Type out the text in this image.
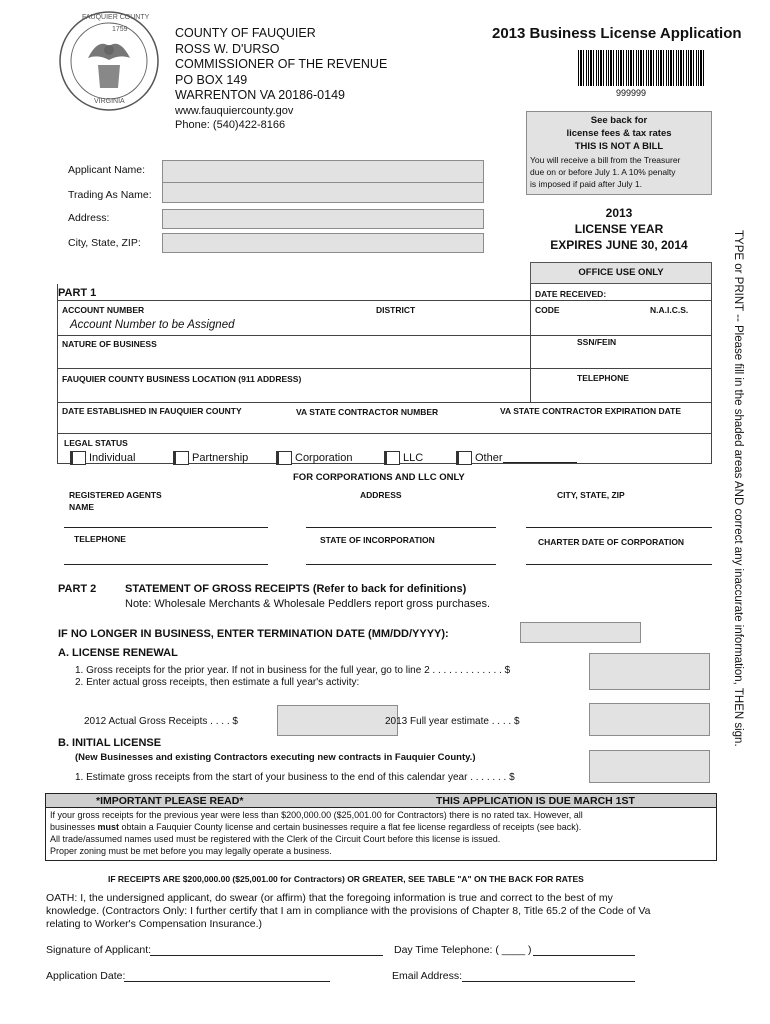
FAUQUIER COUNTY
1759
VIRGINIA
COUNTY OF FAUQUIER
ROSS W. D'URSO
COMMISSIONER OF THE REVENUE
PO BOX 149
WARRENTON VA 20186-0149
www.fauquiercounty.gov
Phone: (540)422-8166
2013 Business License Application
999999
See back for
license fees & tax rates
THIS IS NOT A BILL
You will receive a bill from the Treasurer
due on or before July 1. A 10% penalty
is imposed if paid after July 1.
2013
LICENSE YEAR
EXPIRES JUNE 30, 2014
Applicant Name:
Trading As Name:
Address:
City, State, ZIP:
OFFICE USE ONLY
PART 1	DATE RECEIVED:
ACCOUNT NUMBER	DISTRICT	CODE	N.A.I.C.S.
Account Number to be Assigned
NATURE OF BUSINESS	SSN/FEIN
FAUQUIER COUNTY BUSINESS LOCATION (911 ADDRESS)	TELEPHONE
DATE ESTABLISHED IN FAUQUIER COUNTY	VA STATE CONTRACTOR NUMBER	VA STATE CONTRACTOR EXPIRATION DATE
LEGAL STATUS
Individual	Partnership	Corporation	LLC	Other
FOR CORPORATIONS AND LLC ONLY
REGISTERED AGENTS
NAME
ADDRESS	CITY, STATE, ZIP
TELEPHONE	STATE OF INCORPORATION	CHARTER DATE OF CORPORATION
PART 2	STATEMENT OF GROSS RECEIPTS (Refer to back for definitions)
Note: Wholesale Merchants & Wholesale Peddlers report gross purchases.
IF NO LONGER IN BUSINESS, ENTER TERMINATION DATE (MM/DD/YYYY):
A. LICENSE RENEWAL
1. Gross receipts for the prior year. If not in business for the full year, go to line 2 . . . . . . . . . . . . . $
2. Enter actual gross receipts, then estimate a full year's activity:
2012 Actual Gross Receipts . . . . $	2013 Full year estimate . . . . $
B. INITIAL LICENSE
(New Businesses and existing Contractors executing new contracts in Fauquier County.)
1. Estimate gross receipts from the start of your business to the end of this calendar year . . . . . . . $
*IMPORTANT PLEASE READ*	THIS APPLICATION IS DUE MARCH 1ST
If your gross receipts for the previous year were less than $200,000.00 ($25,001.00 for Contractors) there is no rated tax. However, all
businesses must obtain a Fauquier County license and certain businesses require a flat fee license regardless of receipts (see back).
All trade/assumed names used must be registered with the Clerk of the Circuit Court before this license is issued.
Proper zoning must be met before you may legally operate a business.
IF RECEIPTS ARE $200,000.00 ($25,001.00 for Contractors) OR GREATER, SEE TABLE "A" ON THE BACK FOR RATES
OATH: I, the undersigned applicant, do swear (or affirm) that the foregoing information is true and correct to the best of my
knowledge. (Contractors Only: I further certify that I am in compliance with the provisions of Chapter 8, Title 65.2 of the Code of Va
relating to Worker's Compensation Insurance.)
Signature of Applicant:	Day Time Telephone: ( ____ )
Application Date:	Email Address:
TYPE or PRINT -- Please fill in the shaded areas AND correct any inaccurate information, THEN sign.
